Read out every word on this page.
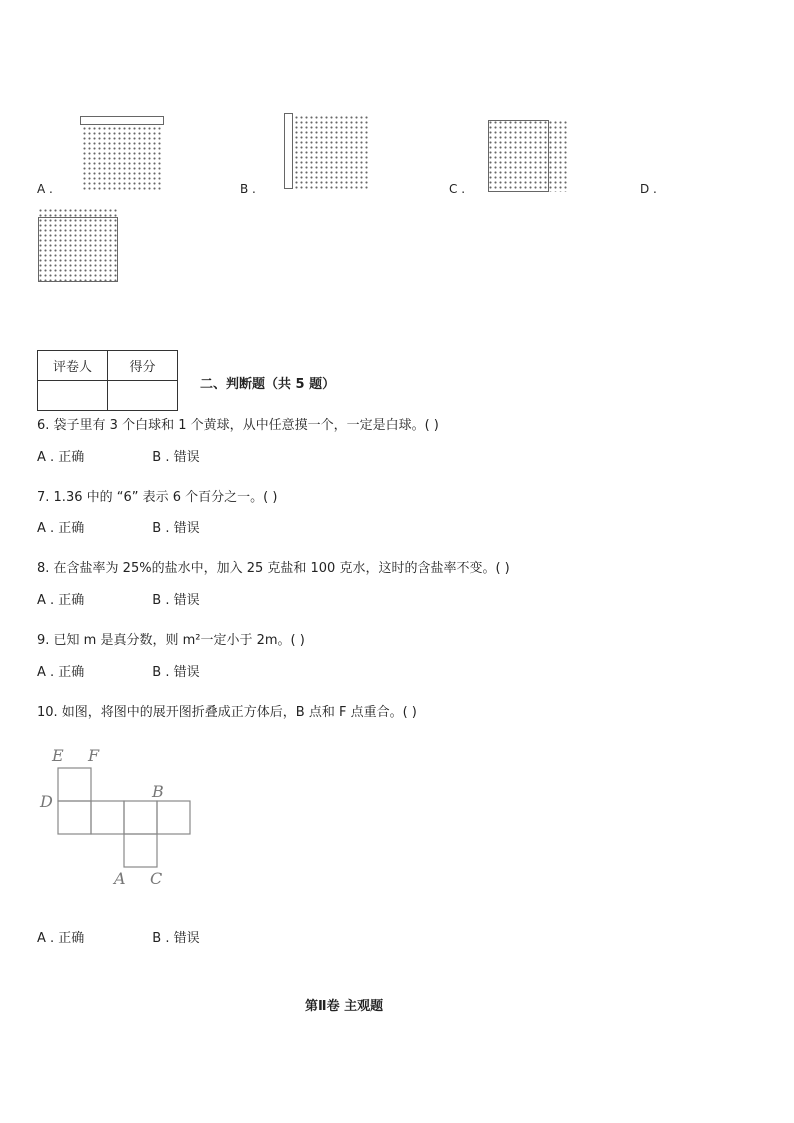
A .	B .	C .	D .
评卷人	得分

二、判断题（共 5 题）
6. 袋子里有 3 个白球和 1 个黄球，从中任意摸一个，一定是白球。( )
A . 正确	B . 错误
7. 1.36 中的 “6” 表示 6 个百分之一。( )
A . 正确	B . 错误
8. 在含盐率为 25%的盐水中，加入 25 克盐和 100 克水，这时的含盐率不变。( )
A . 正确	B . 错误
9. 已知 m 是真分数，则 m²一定小于 2m。( )
A . 正确	B . 错误
10. 如图，将图中的展开图折叠成正方体后，B 点和 F 点重合。( )
E F
D
B
A C
A . 正确	B . 错误
第Ⅱ卷 主观题
